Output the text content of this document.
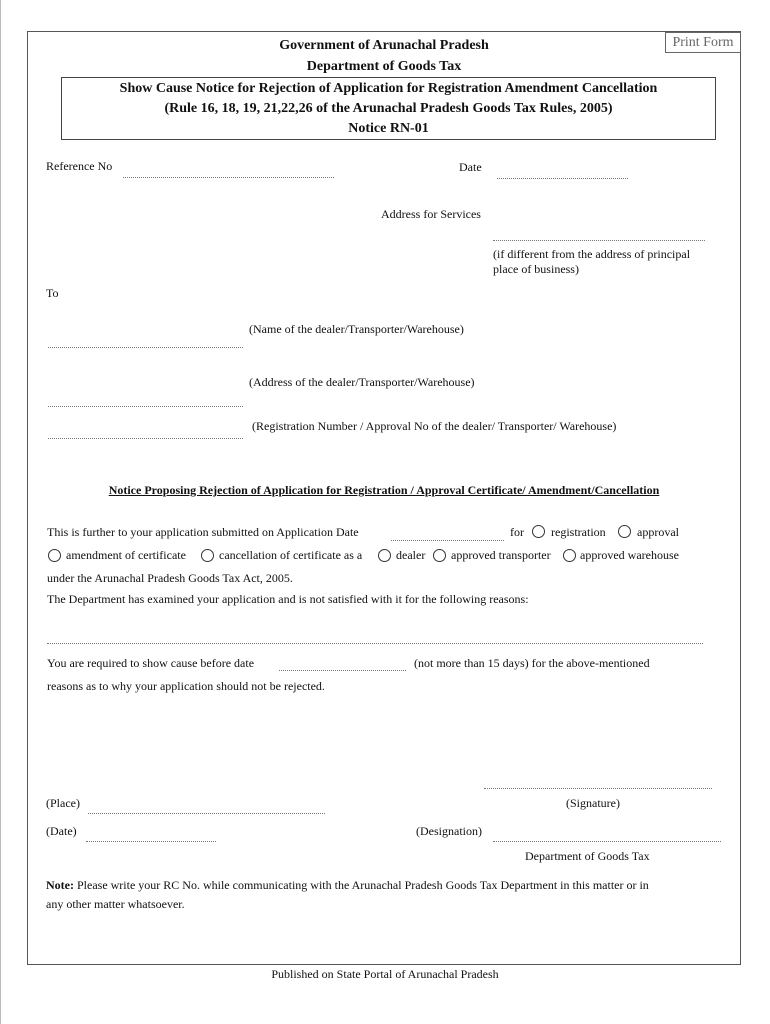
Print Form
Government of Arunachal Pradesh
Department of Goods Tax
Show Cause Notice for Rejection of Application for Registration Amendment Cancellation
(Rule 16, 18, 19, 21,22,26 of the Arunachal Pradesh Goods Tax Rules, 2005)
Notice RN-01
Reference No	Date
Address for Services
(if different from the address of principal
place of business)
To
(Name of the dealer/Transporter/Warehouse)
(Address of the dealer/Transporter/Warehouse)
(Registration Number / Approval No of the dealer/ Transporter/ Warehouse)
Notice Proposing Rejection of Application for Registration / Approval Certificate/ Amendment/Cancellation
This is further to your application submitted on Application Date	for registration	approval
amendment of certificate	cancellation of certificate as a	dealer approved transporter approved warehouse
under the Arunachal Pradesh Goods Tax Act, 2005.
The Department has examined your application and is not satisfied with it for the following reasons:
You are required to show cause before date	(not more than 15 days) for the above-mentioned
reasons as to why your application should not be rejected.
(Place)	(Signature)
(Date)	(Designation)
Department of Goods Tax
Note: Please write your RC No. while communicating with the Arunachal Pradesh Goods Tax Department in this matter or in
any other matter whatsoever.
Published on State Portal of Arunachal Pradesh
